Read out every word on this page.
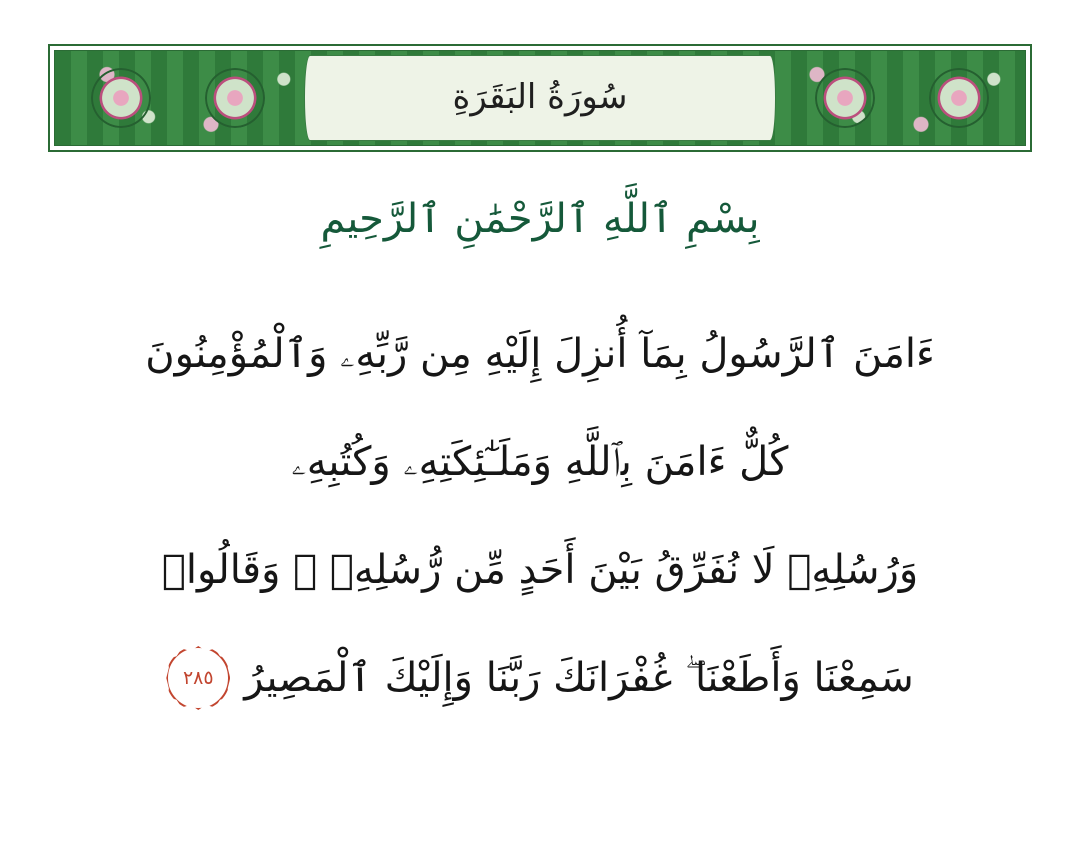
سُورَةُ البَقَرَةِ
بِسْمِ ٱللَّهِ ٱلرَّحْمَٰنِ ٱلرَّحِيمِ
ءَامَنَ ٱلرَّسُولُ بِمَآ أُنزِلَ إِلَيْهِ مِن رَّبِّهِۦ وَٱلْمُؤْمِنُونَ
كُلٌّ ءَامَنَ بِٱللَّهِ وَمَلَـٰٓئِكَتِهِۦ وَكُتُبِهِۦ
وَرُسُلِهِۦ لَا نُفَرِّقُ بَيْنَ أَحَدٍ مِّن رُّسُلِهِۦ ۚ وَقَالُوا۟
سَمِعْنَا وَأَطَعْنَا ۖ غُفْرَانَكَ رَبَّنَا وَإِلَيْكَ ٱلْمَصِيرُ
٢٨٥
